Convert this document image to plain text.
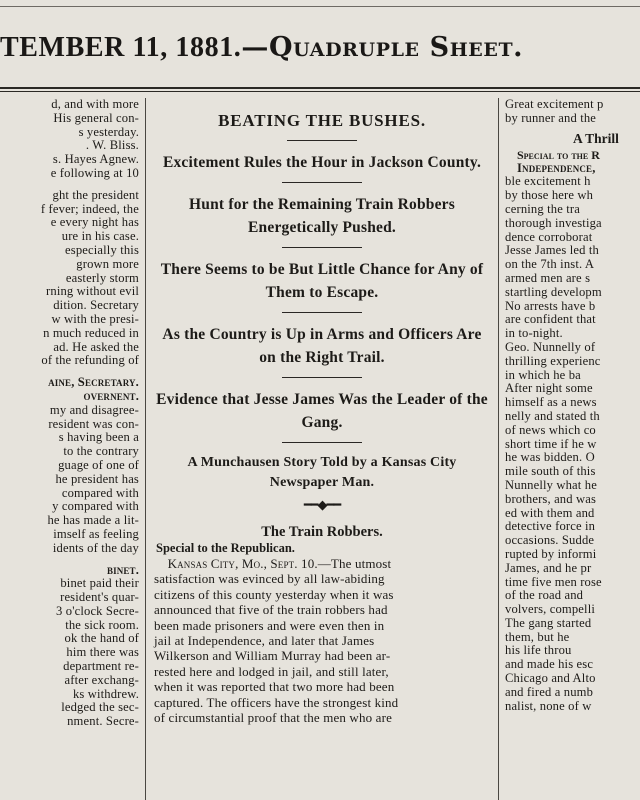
TEMBER 11, 1881.—Quadruple Sheet.
d, and with more
His general con-
s yesterday.
. W. Bliss.
s. Hayes Agnew.
e following at 10
ght the president
f fever; indeed, the
e every night has
ure in his case.
especially this
grown more
easterly storm
rning without evil
dition. Secretary
w with the presi-
n much reduced in
ad. He asked the
of the refunding of
aine, Secretary.
overnent.
my and disagree-
resident was con-
s having been a
to the contrary
guage of one of
he president has
compared with
y compared with
he has made a lit-
imself as feeling
idents of the day
binet.
binet paid their
resident's quar-
3 o'clock Secre-
the sick room.
ok the hand of
him there was
department re-
after exchang-
ks withdrew.
ledged the sec-
nment. Secre-
BEATING THE BUSHES.
Excitement Rules the Hour in Jackson County.
Hunt for the Remaining Train Robbers Energetically Pushed.
There Seems to be But Little Chance for Any of Them to Escape.
As the Country is Up in Arms and Officers Are on the Right Trail.
Evidence that Jesse James Was the Leader of the Gang.
A Munchausen Story Told by a Kansas City Newspaper Man.
━━◆━━
The Train Robbers.
Special to the Republican.
Kansas City, Mo., Sept. 10.—The utmost
satisfaction was evinced by all law-abiding
citizens of this county yesterday when it was
announced that five of the train robbers had
been made prisoners and were even then in
jail at Independence, and later that James
Wilkerson and William Murray had been ar-
rested here and lodged in jail, and still later,
when it was reported that two more had been
captured. The officers have the strongest kind
of circumstantial proof that the men who are
Great excitement p
by runner and the
A Thrill
Special to the R
Independence,
ble excitement h
by those here wh
cerning the tra
thorough investiga
dence corroborat
Jesse James led th
on the 7th inst. A
armed men are s
startling developm
No arrests have b
are confident that
in to-night.
Geo. Nunnelly of
thrilling experienc
in which he ba
After night some
himself as a news
nelly and stated th
of news which co
short time if he w
he was bidden. O
mile south of this
Nunnelly what he
brothers, and was
ed with them and
detective force in
occasions. Sudde
rupted by informi
James, and he pr
time five men rose
of the road and
volvers, compelli
The gang started
them, but he
his life throu
and made his esc
Chicago and Alto
and fired a numb
nalist, none of w
